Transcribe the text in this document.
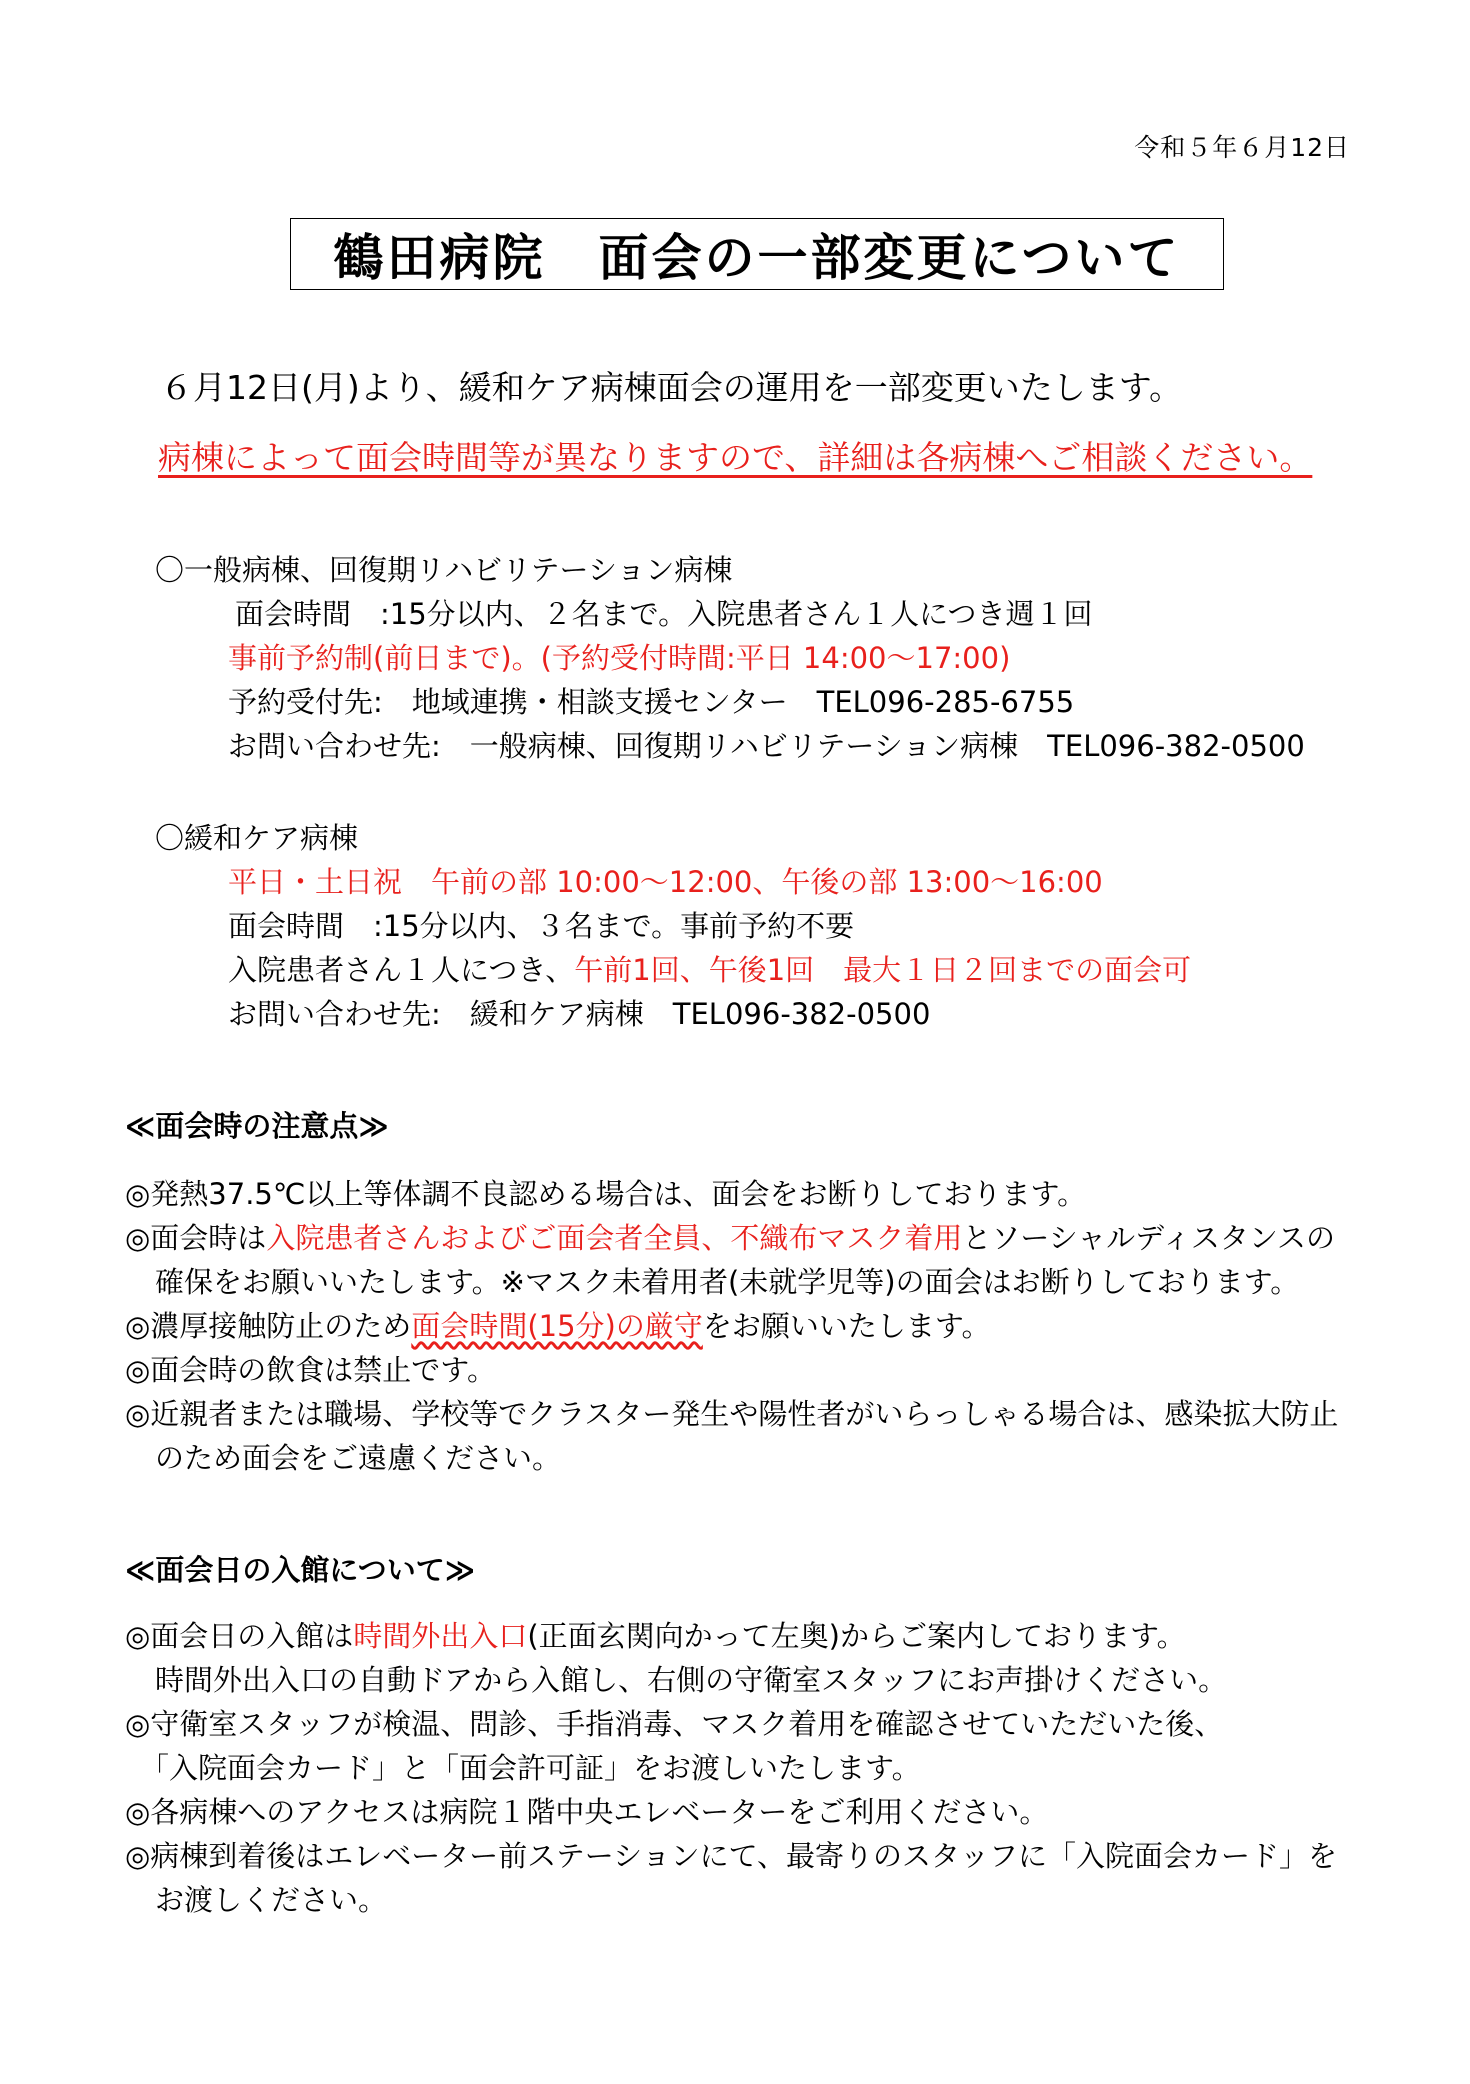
令和５年６月12日
鶴田病院　面会の一部変更について
６月12日(月)より、緩和ケア病棟面会の運用を一部変更いたします。
病棟によって面会時間等が異なりますので、詳細は各病棟へご相談ください。
〇一般病棟、回復期リハビリテーション病棟
面会時間　:15分以内、２名まで。入院患者さん１人につき週１回
事前予約制(前日まで)。(予約受付時間:平日 14:00～17:00)
予約受付先:　地域連携・相談支援センター　TEL096-285-6755
お問い合わせ先:　一般病棟、回復期リハビリテーション病棟　TEL096-382-0500
〇緩和ケア病棟
平日・土日祝　午前の部 10:00～12:00、午後の部 13:00～16:00
面会時間　:15分以内、３名まで。事前予約不要
入院患者さん１人につき、午前1回、午後1回　最大１日２回までの面会可
お問い合わせ先:　緩和ケア病棟　TEL096-382-0500
≪面会時の注意点≫
◎発熱37.5℃以上等体調不良認める場合は、面会をお断りしております。
◎面会時は入院患者さんおよびご面会者全員、不織布マスク着用とソーシャルディスタンスの
確保をお願いいたします。※マスク未着用者(未就学児等)の面会はお断りしております。
◎濃厚接触防止のため面会時間(15分)の厳守をお願いいたします。
◎面会時の飲食は禁止です。
◎近親者または職場、学校等でクラスター発生や陽性者がいらっしゃる場合は、感染拡大防止
のため面会をご遠慮ください。
≪面会日の入館について≫
◎面会日の入館は時間外出入口(正面玄関向かって左奥)からご案内しております。
時間外出入口の自動ドアから入館し、右側の守衛室スタッフにお声掛けください。
◎守衛室スタッフが検温、問診、手指消毒、マスク着用を確認させていただいた後、
「入院面会カード」と「面会許可証」をお渡しいたします。
◎各病棟へのアクセスは病院１階中央エレベーターをご利用ください。
◎病棟到着後はエレベーター前ステーションにて、最寄りのスタッフに「入院面会カード」を
お渡しください。
